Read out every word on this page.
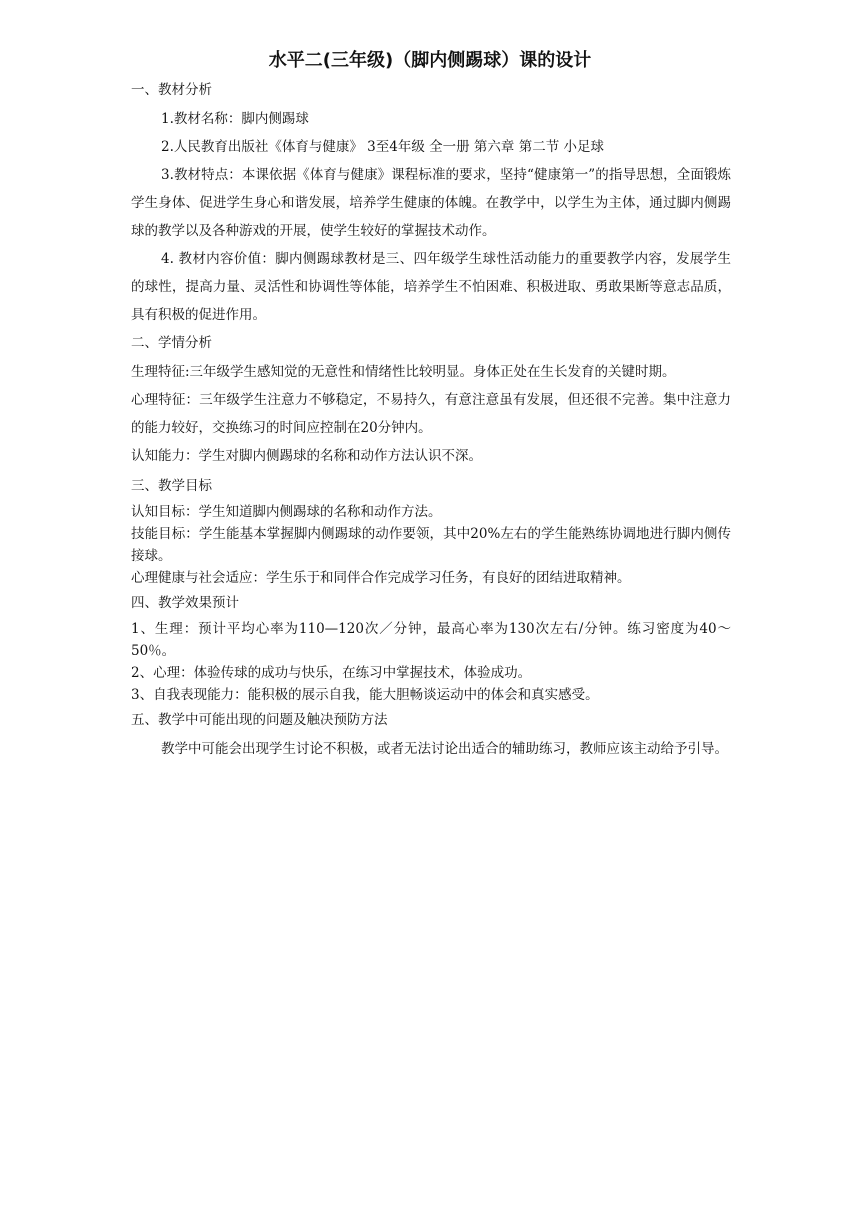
水平二(三年级)（脚内侧踢球）课的设计
一、教材分析
1.教材名称：脚内侧踢球
2.人民教育出版社《体育与健康》 3至4年级 全一册 第六章 第二节 小足球
3.教材特点：本课依据《体育与健康》课程标准的要求，坚持“健康第一”的指导思想，全面锻炼学生身体、促进学生身心和谐发展，培养学生健康的体魄。在教学中，以学生为主体，通过脚内侧踢球的教学以及各种游戏的开展，使学生较好的掌握技术动作。
4. 教材内容价值：脚内侧踢球教材是三、四年级学生球性活动能力的重要教学内容，发展学生的球性，提高力量、灵活性和协调性等体能，培养学生不怕困难、积极进取、勇敢果断等意志品质，具有积极的促进作用。
二、学情分析
生理特征:三年级学生感知觉的无意性和情绪性比较明显。身体正处在生长发育的关键时期。
心理特征：三年级学生注意力不够稳定，不易持久，有意注意虽有发展，但还很不完善。集中注意力的能力较好，交换练习的时间应控制在20分钟内。
认知能力：学生对脚内侧踢球的名称和动作方法认识不深。
三、教学目标
认知目标：学生知道脚内侧踢球的名称和动作方法。
技能目标：学生能基本掌握脚内侧踢球的动作要领，其中20%左右的学生能熟练协调地进行脚内侧传接球。
心理健康与社会适应：学生乐于和同伴合作完成学习任务，有良好的团结进取精神。
四、教学效果预计
1、生理：预计平均心率为110—120次／分钟，最高心率为130次左右/分钟。练习密度为40～50％。
2、心理：体验传球的成功与快乐，在练习中掌握技术，体验成功。
3、自我表现能力：能积极的展示自我，能大胆畅谈运动中的体会和真实感受。
五、教学中可能出现的问题及触决预防方法
教学中可能会出现学生讨论不积极，或者无法讨论出适合的辅助练习，教师应该主动给予引导。
